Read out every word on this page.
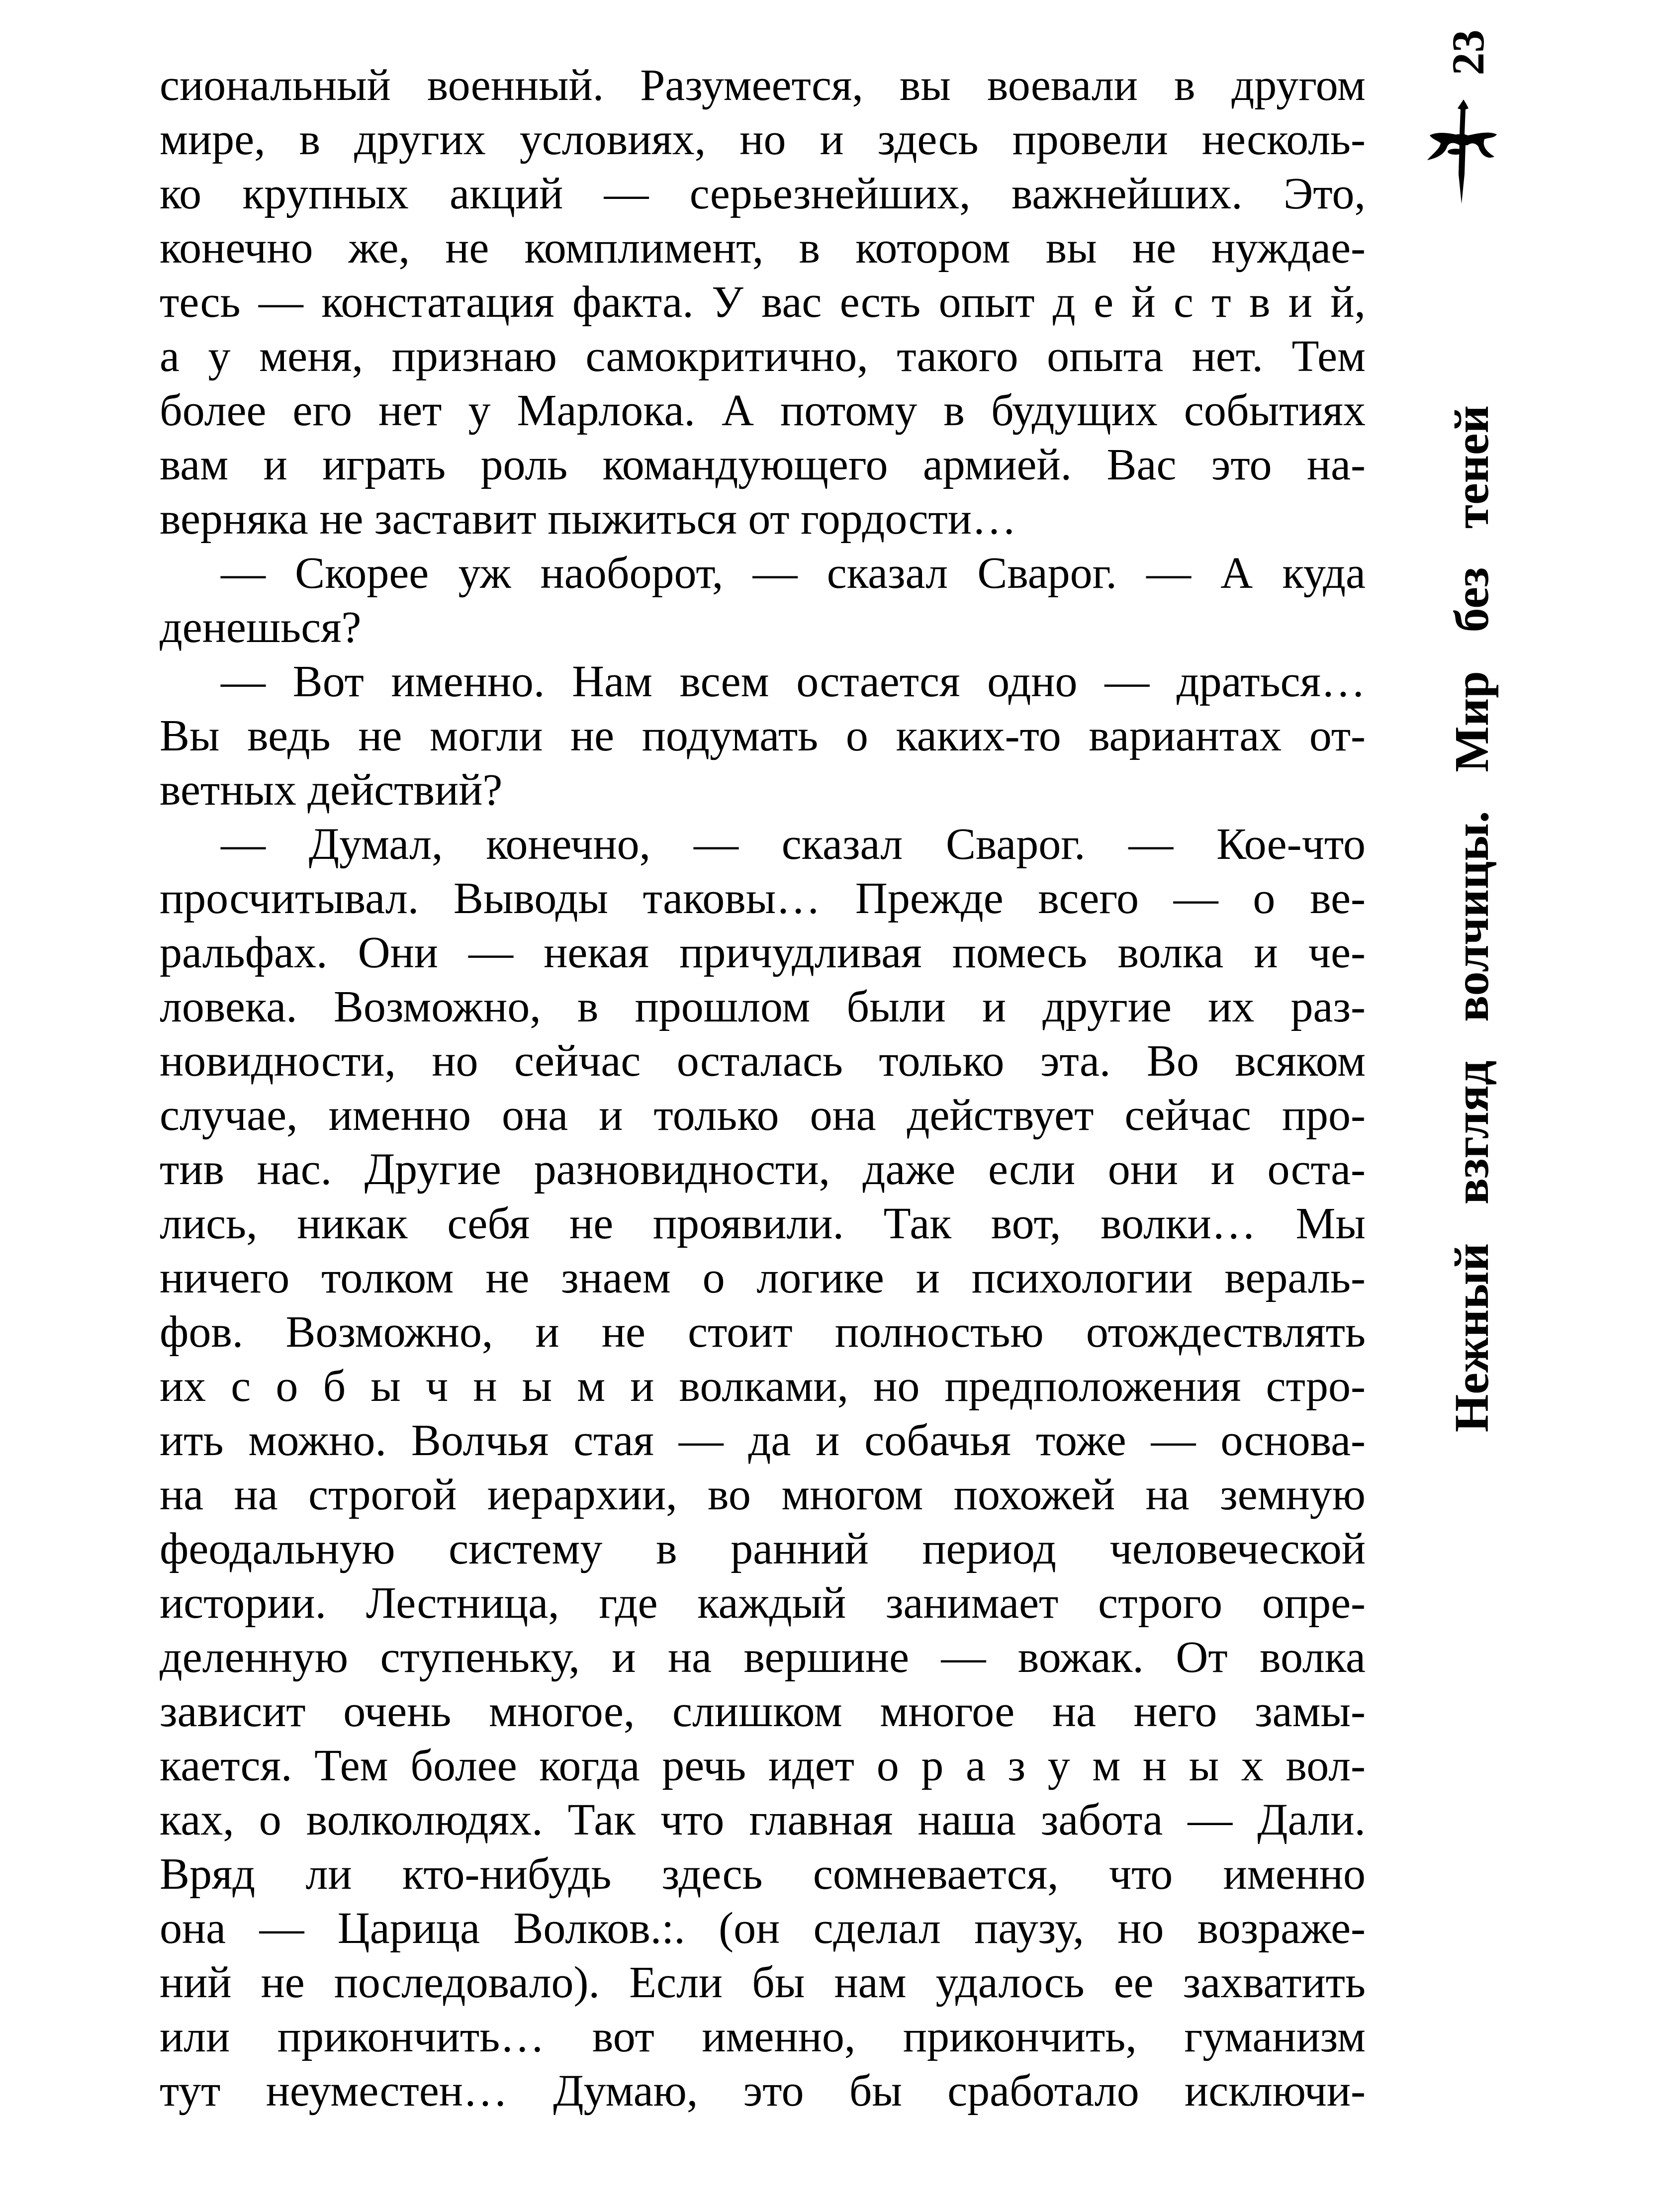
сиональный военный. Разумеется, вы воевали в другом
мире, в других условиях, но и здесь провели несколь-
ко крупных акций — серьезнейших, важнейших. Это,
конечно же, не комплимент, в котором вы не нуждае-
тесь — констатация факта. У вас есть опыт д е й с т в и й,
а у меня, признаю самокритично, такого опыта нет. Тем
более его нет у Марлока. А потому в будущих событиях
вам и играть роль командующего армией. Вас это на-
верняка не заставит пыжиться от гордости…
— Скорее уж наоборот, — сказал Сварог. — А куда
денешься?
— Вот именно. Нам всем остается одно — драться…
Вы ведь не могли не подумать о каких-то вариантах от-
ветных действий?
— Думал, конечно, — сказал Сварог. — Кое-что
просчитывал. Выводы таковы… Прежде всего — о ве-
ральфах. Они — некая причудливая помесь волка и че-
ловека. Возможно, в прошлом были и другие их раз-
новидности, но сейчас осталась только эта. Во всяком
случае, именно она и только она действует сейчас про-
тив нас. Другие разновидности, даже если они и оста-
лись, никак себя не проявили. Так вот, волки… Мы
ничего толком не знаем о логике и психологии вераль-
фов. Возможно, и не стоит полностью отождествлять
их с о б ы ч н ы м и волками, но предположения стро-
ить можно. Волчья стая — да и собачья тоже — основа-
на на строгой иерархии, во многом похожей на земную
феодальную систему в ранний период человеческой
истории. Лестница, где каждый занимает строго опре-
деленную ступеньку, и на вершине — вожак. От волка
зависит очень многое, слишком многое на него замы-
кается. Тем более когда речь идет о р а з у м н ы х вол-
ках, о волколюдях. Так что главная наша забота — Дали.
Вряд ли кто-нибудь здесь сомневается, что именно
она — Царица Волков.:. (он сделал паузу, но возраже-
ний не последовало). Если бы нам удалось ее захватить
или прикончить… вот именно, прикончить, гуманизм
тут неуместен… Думаю, это бы сработало исключи-
23
Нежный взгляд волчицы. Мир без теней
